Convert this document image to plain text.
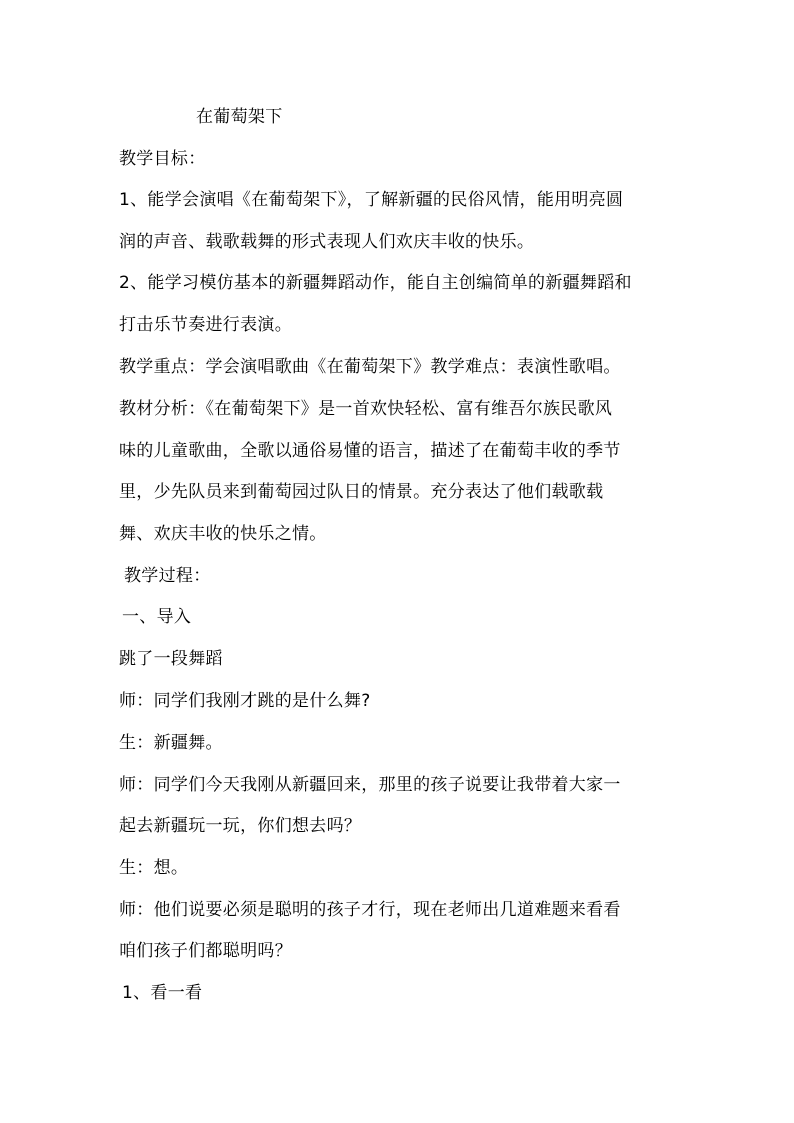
在葡萄架下
教学目标：
1、能学会演唱《在葡萄架下》，了解新疆的民俗风情，能用明亮圆
润的声音、载歌载舞的形式表现人们欢庆丰收的快乐。
2、能学习模仿基本的新疆舞蹈动作，能自主创编简单的新疆舞蹈和
打击乐节奏进行表演。
教学重点：学会演唱歌曲《在葡萄架下》教学难点：表演性歌唱。
教材分析：《在葡萄架下》是一首欢快轻松、富有维吾尔族民歌风
味的儿童歌曲，全歌以通俗易懂的语言，描述了在葡萄丰收的季节
里，少先队员来到葡萄园过队日的情景。充分表达了他们载歌载
舞、欢庆丰收的快乐之情。
教学过程：
一、导入
跳了一段舞蹈
师：同学们我刚才跳的是什么舞?
生：新疆舞。
师：同学们今天我刚从新疆回来，那里的孩子说要让我带着大家一
起去新疆玩一玩，你们想去吗？
生：想。
师：他们说要必须是聪明的孩子才行，现在老师出几道难题来看看
咱们孩子们都聪明吗？
1、看一看
